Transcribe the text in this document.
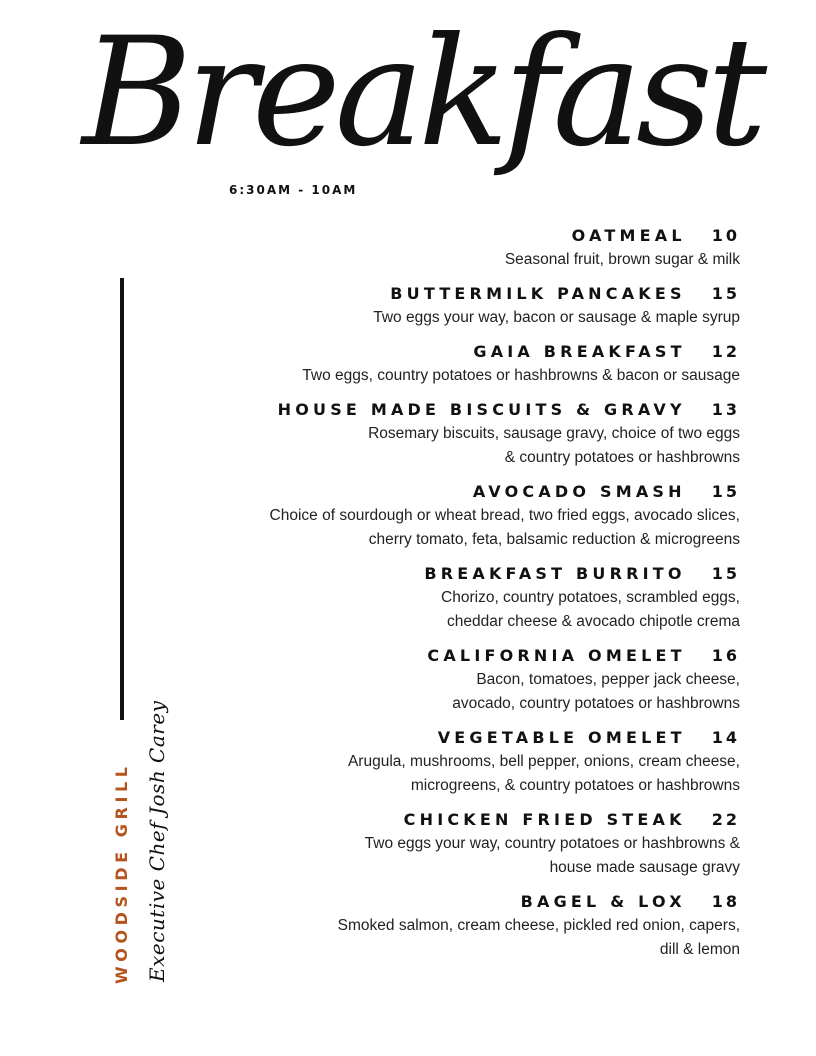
Breakfast
6:30AM - 10AM
WOODSIDE GRILL Executive Chef Josh Carey
OATMEAL 10
Seasonal fruit, brown sugar & milk
BUTTERMILK PANCAKES 15
Two eggs your way, bacon or sausage & maple syrup
GAIA BREAKFAST 12
Two eggs, country potatoes or hashbrowns & bacon or sausage
HOUSE MADE BISCUITS & GRAVY 13
Rosemary biscuits, sausage gravy, choice of two eggs
& country potatoes or hashbrowns
AVOCADO SMASH 15
Choice of sourdough or wheat bread, two fried eggs, avocado slices,
cherry tomato, feta, balsamic reduction & microgreens
BREAKFAST BURRITO 15
Chorizo, country potatoes, scrambled eggs,
cheddar cheese & avocado chipotle crema
CALIFORNIA OMELET 16
Bacon, tomatoes, pepper jack cheese,
avocado, country potatoes or hashbrowns
VEGETABLE OMELET 14
Arugula, mushrooms, bell pepper, onions, cream cheese,
microgreens, & country potatoes or hashbrowns
CHICKEN FRIED STEAK 22
Two eggs your way, country potatoes or hashbrowns &
house made sausage gravy
BAGEL & LOX 18
Smoked salmon, cream cheese, pickled red onion, capers,
dill & lemon
